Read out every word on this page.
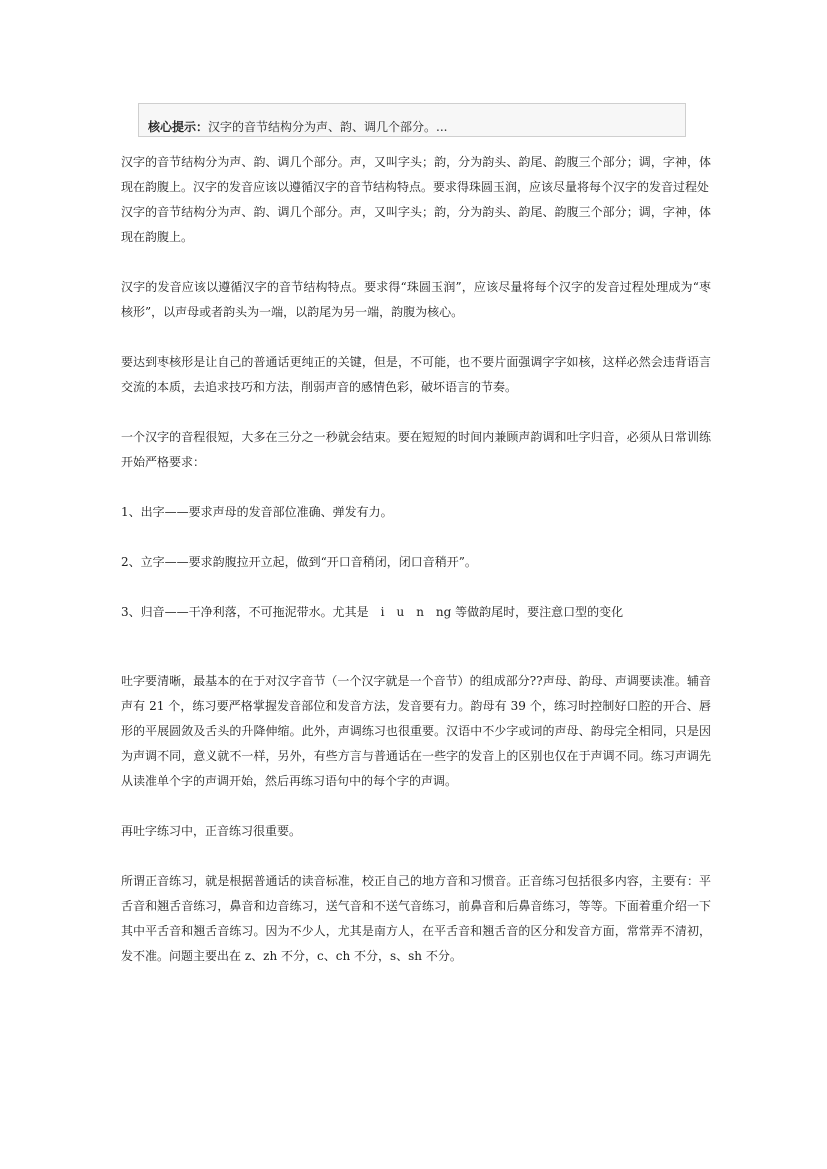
核心提示：汉字的音节结构分为声、韵、调几个部分。...

汉字的音节结构分为声、韵、调几个部分。声，又叫字头；韵，分为韵头、韵尾、韵腹三个部分；调，字神，体现在韵腹上。汉字的发音应该以遵循汉字的音节结构特点。要求得珠圆玉润，应该尽量将每个汉字的发音过程处

汉字的音节结构分为声、韵、调几个部分。声，又叫字头；韵，分为韵头、韵尾、韵腹三个部分；调，字神，体现在韵腹上。

汉字的发音应该以遵循汉字的音节结构特点。要求得“珠圆玉润”，应该尽量将每个汉字的发音过程处理成为“枣核形”，以声母或者韵头为一端，以韵尾为另一端，韵腹为核心。

要达到枣核形是让自己的普通话更纯正的关键，但是，不可能，也不要片面强调字字如核，这样必然会违背语言交流的本质，去追求技巧和方法，削弱声音的感情色彩，破坏语言的节奏。

一个汉字的音程很短，大多在三分之一秒就会结束。要在短短的时间内兼顾声韵调和吐字归音，必须从日常训练开始严格要求：

1、出字——要求声母的发音部位准确、弹发有力。

2、立字——要求韵腹拉开立起，做到“开口音稍闭，闭口音稍开”。

3、归音——干净利落，不可拖泥带水。尤其是　i　u　n　ng 等做韵尾时，要注意口型的变化

吐字要清晰，最基本的在于对汉字音节（一个汉字就是一个音节）的组成部分??声母、韵母、声调要读准。辅音声有 21 个，练习要严格掌握发音部位和发音方法，发音要有力。韵母有 39 个，练习时控制好口腔的开合、唇形的平展圆敛及舌头的升降伸缩。此外，声调练习也很重要。汉语中不少字或词的声母、韵母完全相同，只是因为声调不同，意义就不一样，另外，有些方言与普通话在一些字的发音上的区别也仅在于声调不同。练习声调先从读准单个字的声调开始，然后再练习语句中的每个字的声调。

再吐字练习中，正音练习很重要。

所谓正音练习，就是根据普通话的读音标准，校正自己的地方音和习惯音。正音练习包括很多内容，主要有：平舌音和翘舌音练习，鼻音和边音练习，送气音和不送气音练习，前鼻音和后鼻音练习，等等。下面着重介绍一下其中平舌音和翘舌音练习。因为不少人，尤其是南方人，在平舌音和翘舌音的区分和发音方面，常常弄不清初，发不准。问题主要出在 z、zh 不分，c、ch 不分，s、sh 不分。
